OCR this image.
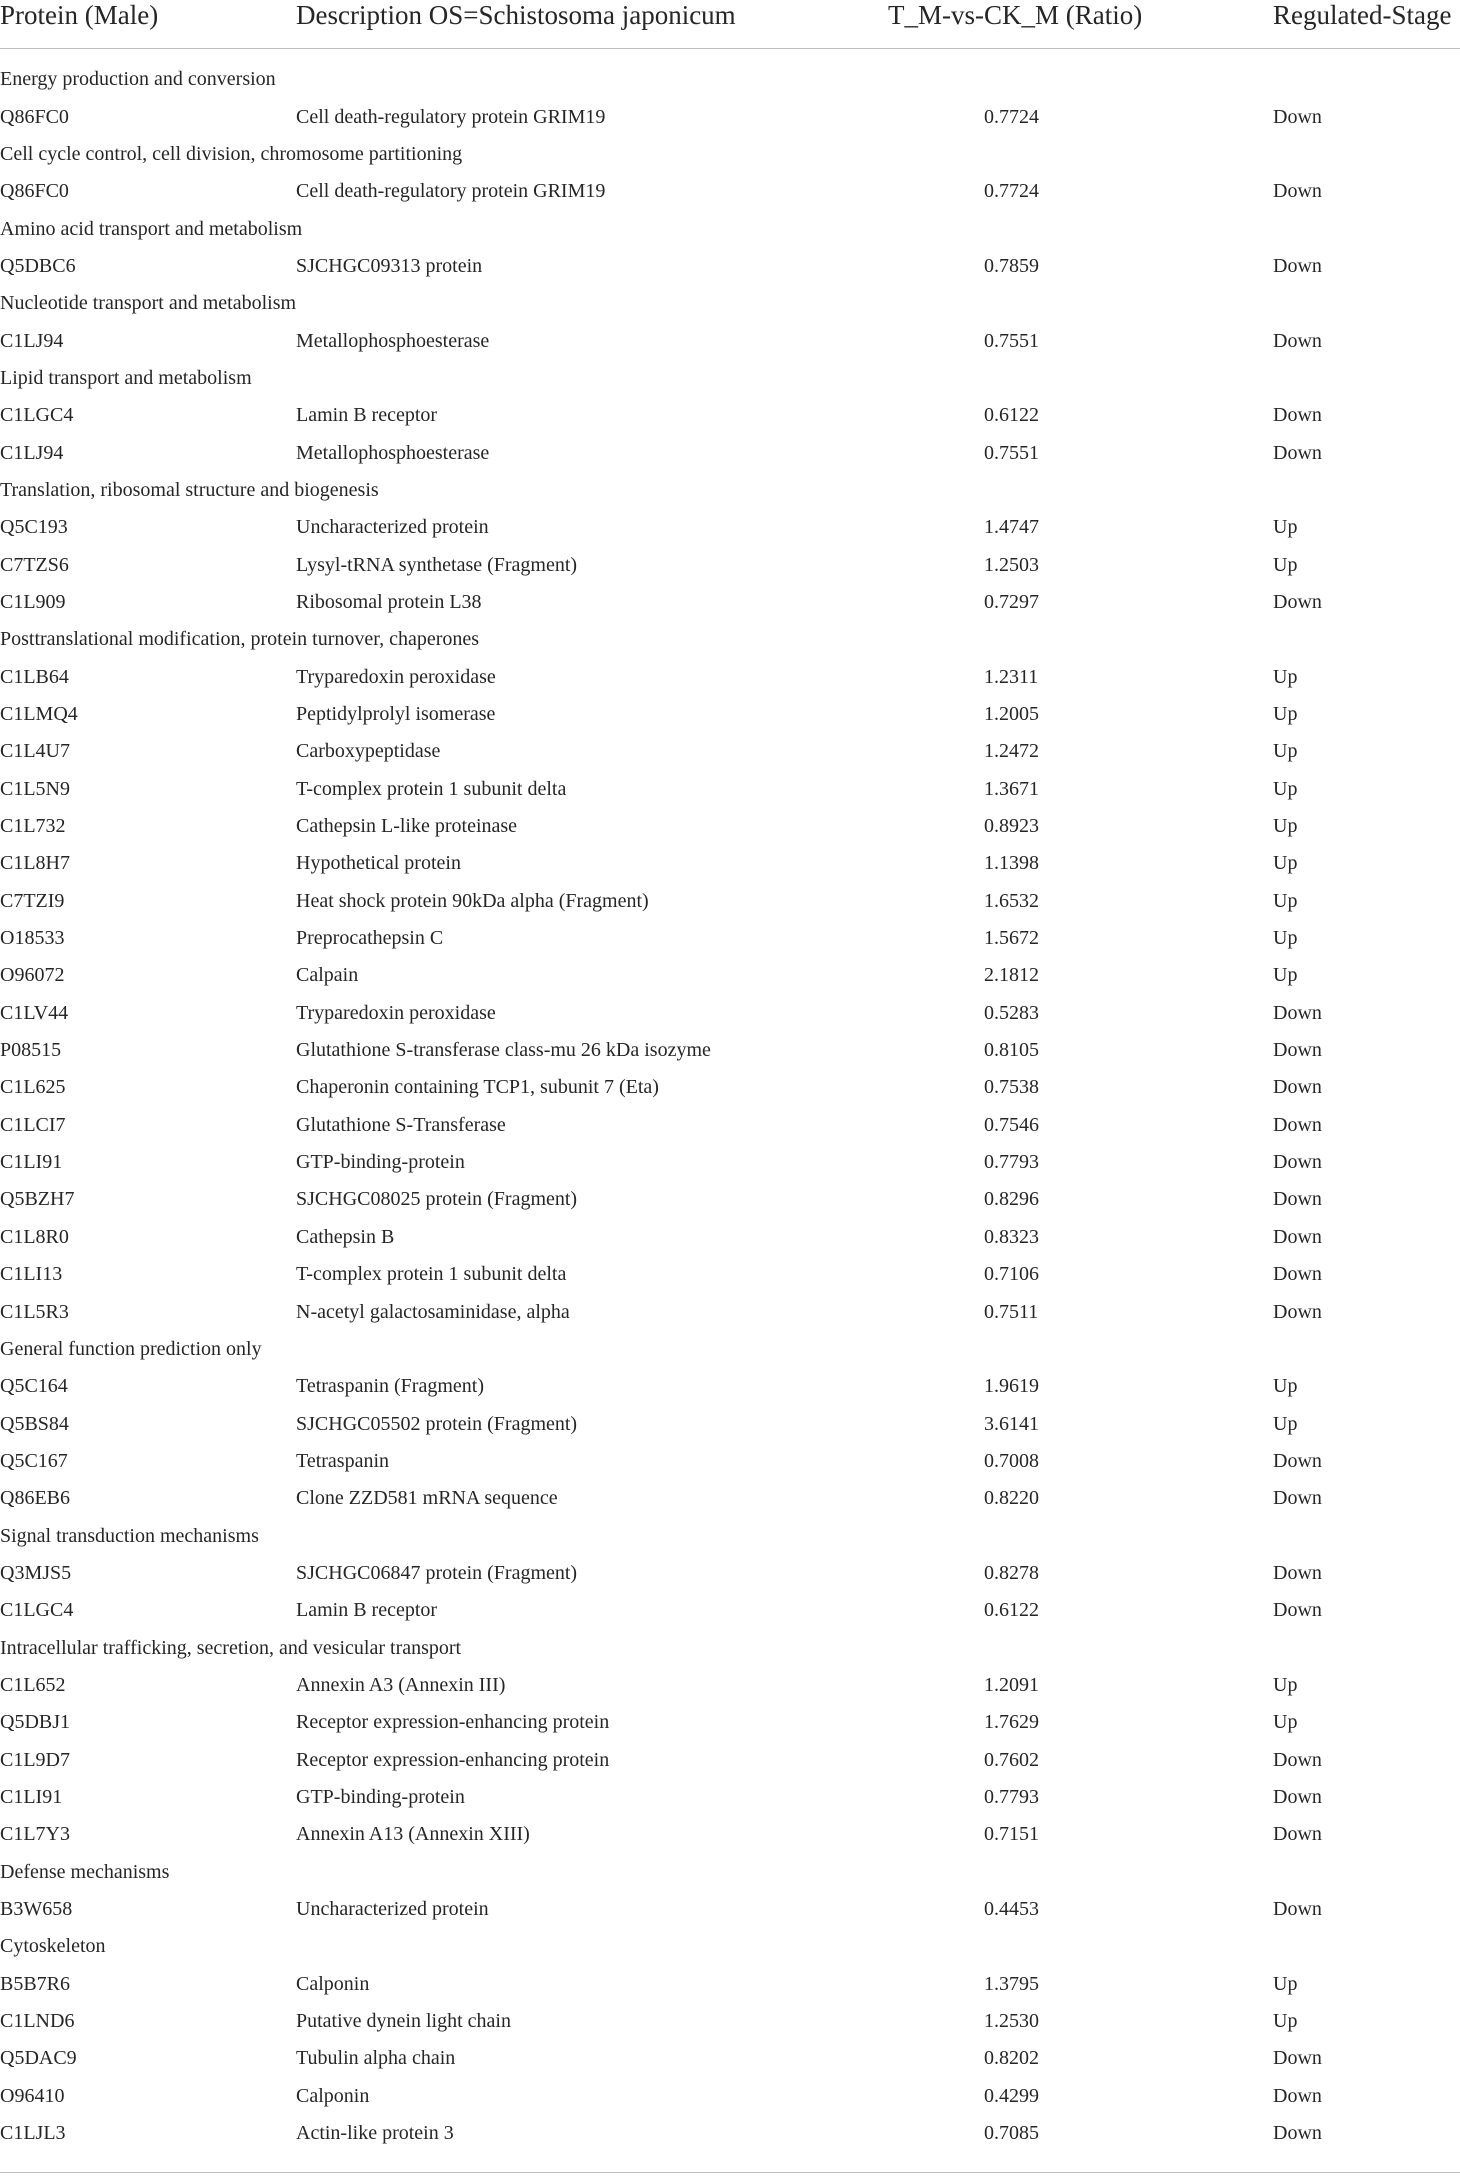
Protein (Male)	Description OS=Schistosoma japonicum	T_M-vs-CK_M (Ratio)	Regulated-Stage

Energy production and conversion			
Q86FC0	Cell death-regulatory protein GRIM19	0.7724	Down
Cell cycle control, cell division, chromosome partitioning			
Q86FC0	Cell death-regulatory protein GRIM19	0.7724	Down
Amino acid transport and metabolism			
Q5DBC6	SJCHGC09313 protein	0.7859	Down
Nucleotide transport and metabolism			
C1LJ94	Metallophosphoesterase	0.7551	Down
Lipid transport and metabolism			
C1LGC4	Lamin B receptor	0.6122	Down
C1LJ94	Metallophosphoesterase	0.7551	Down
Translation, ribosomal structure and biogenesis			
Q5C193	Uncharacterized protein	1.4747	Up
C7TZS6	Lysyl-tRNA synthetase (Fragment)	1.2503	Up
C1L909	Ribosomal protein L38	0.7297	Down
Posttranslational modification, protein turnover, chaperones			
C1LB64	Tryparedoxin peroxidase	1.2311	Up
C1LMQ4	Peptidylprolyl isomerase	1.2005	Up
C1L4U7	Carboxypeptidase	1.2472	Up
C1L5N9	T-complex protein 1 subunit delta	1.3671	Up
C1L732	Cathepsin L-like proteinase	0.8923	Up
C1L8H7	Hypothetical protein	1.1398	Up
C7TZI9	Heat shock protein 90kDa alpha (Fragment)	1.6532	Up
O18533	Preprocathepsin C	1.5672	Up
O96072	Calpain	2.1812	Up
C1LV44	Tryparedoxin peroxidase	0.5283	Down
P08515	Glutathione S-transferase class-mu 26 kDa isozyme	0.8105	Down
C1L625	Chaperonin containing TCP1, subunit 7 (Eta)	0.7538	Down
C1LCI7	Glutathione S-Transferase	0.7546	Down
C1LI91	GTP-binding-protein	0.7793	Down
Q5BZH7	SJCHGC08025 protein (Fragment)	0.8296	Down
C1L8R0	Cathepsin B	0.8323	Down
C1LI13	T-complex protein 1 subunit delta	0.7106	Down
C1L5R3	N-acetyl galactosaminidase, alpha	0.7511	Down
General function prediction only			
Q5C164	Tetraspanin (Fragment)	1.9619	Up
Q5BS84	SJCHGC05502 protein (Fragment)	3.6141	Up
Q5C167	Tetraspanin	0.7008	Down
Q86EB6	Clone ZZD581 mRNA sequence	0.8220	Down
Signal transduction mechanisms			
Q3MJS5	SJCHGC06847 protein (Fragment)	0.8278	Down
C1LGC4	Lamin B receptor	0.6122	Down
Intracellular trafficking, secretion, and vesicular transport			
C1L652	Annexin A3 (Annexin III)	1.2091	Up
Q5DBJ1	Receptor expression-enhancing protein	1.7629	Up
C1L9D7	Receptor expression-enhancing protein	0.7602	Down
C1LI91	GTP-binding-protein	0.7793	Down
C1L7Y3	Annexin A13 (Annexin XIII)	0.7151	Down
Defense mechanisms			
B3W658	Uncharacterized protein	0.4453	Down
Cytoskeleton			
B5B7R6	Calponin	1.3795	Up
C1LND6	Putative dynein light chain	1.2530	Up
Q5DAC9	Tubulin alpha chain	0.8202	Down
O96410	Calponin	0.4299	Down
C1LJL3	Actin-like protein 3	0.7085	Down
